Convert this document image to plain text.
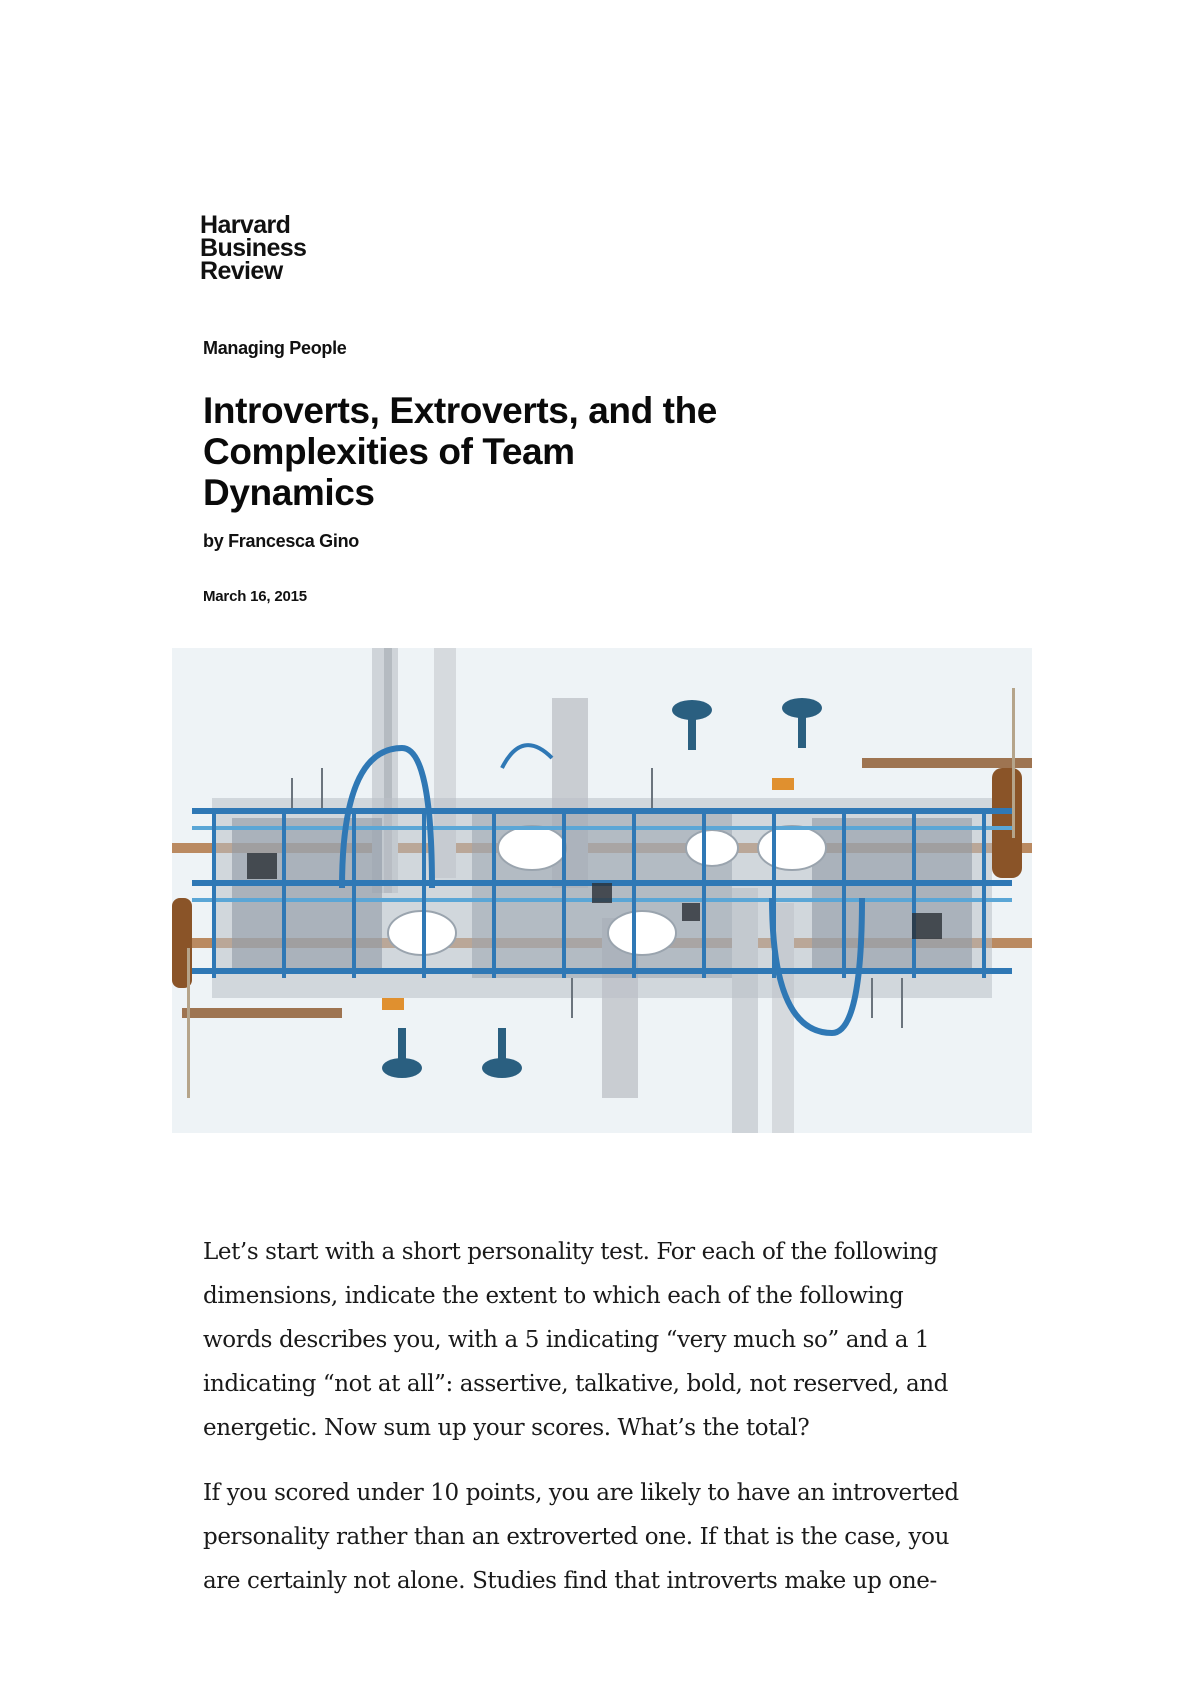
Harvard
Business
Review
Managing People
Introverts, Extroverts, and the
Complexities of Team
Dynamics
by Francesca Gino
March 16, 2015

Let’s start with a short personality test. For each of the following
dimensions, indicate the extent to which each of the following
words describes you, with a 5 indicating “very much so” and a 1
indicating “not at all”: assertive, talkative, bold, not reserved, and
energetic. Now sum up your scores. What’s the total?

If you scored under 10 points, you are likely to have an introverted
personality rather than an extroverted one. If that is the case, you
are certainly not alone. Studies find that introverts make up one-
